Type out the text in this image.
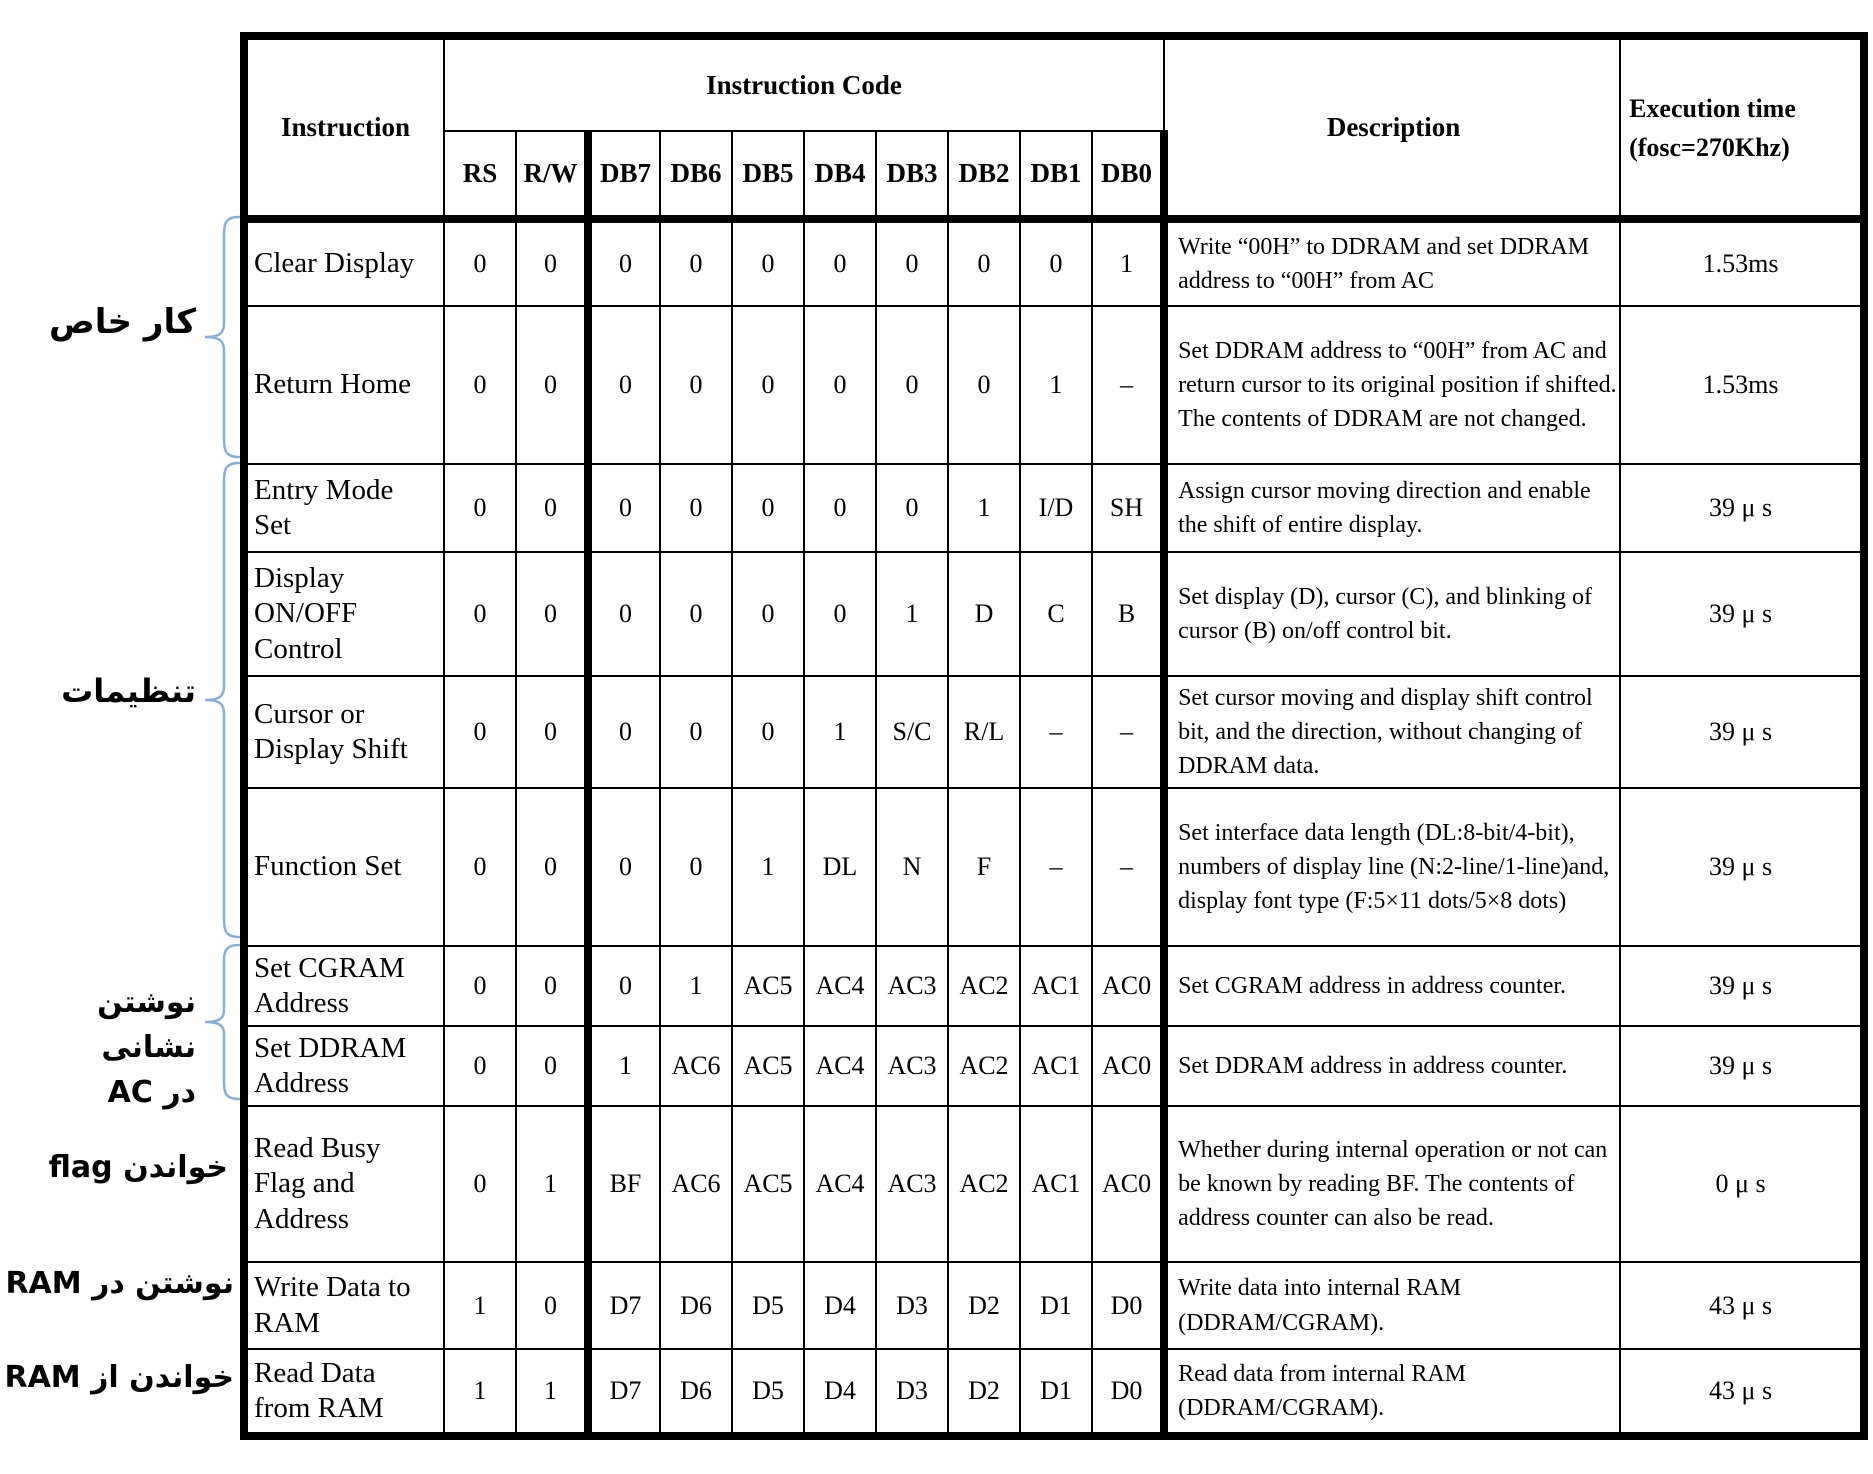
کار خاص
تنظیمات
نوشتن نشانی
در AC
خواندن flag
نوشتن در RAM
خواندن از RAM
Instruction	Instruction Code										Description	Execution time
(fosc=270Khz)

	RS	R/W	DB7	DB6	DB5	DB4	DB3	DB2	DB1	DB0		
Clear Display	0	0	0	0	0	0	0	0	0	1	Write “00H” to DDRAM and set DDRAM address to “00H” from AC	1.53ms
Return Home	0	0	0	0	0	0	0	0	1	–	Set DDRAM address to “00H” from AC and return cursor to its original position if shifted. The contents of DDRAM are not changed.	1.53ms
Entry Mode Set	0	0	0	0	0	0	0	1	I/D	SH	Assign cursor moving direction and enable the shift of entire display.	39 μ s
Display ON/OFF Control	0	0	0	0	0	0	1	D	C	B	Set display (D), cursor (C), and blinking of cursor (B) on/off control bit.	39 μ s
Cursor or Display Shift	0	0	0	0	0	1	S/C	R/L	–	–	Set cursor moving and display shift control bit, and the direction, without changing of DDRAM data.	39 μ s
Function Set	0	0	0	0	1	DL	N	F	–	–	Set interface data length (DL:8-bit/4-bit), numbers of display line (N:2-line/1-line)and, display font type (F:5×11 dots/5×8 dots)	39 μ s
Set CGRAM Address	0	0	0	1	AC5	AC4	AC3	AC2	AC1	AC0	Set CGRAM address in address counter.	39 μ s
Set DDRAM Address	0	0	1	AC6	AC5	AC4	AC3	AC2	AC1	AC0	Set DDRAM address in address counter.	39 μ s
Read Busy Flag and Address	0	1	BF	AC6	AC5	AC4	AC3	AC2	AC1	AC0	Whether during internal operation or not can be known by reading BF. The contents of address counter can also be read.	0 μ s
Write Data to RAM	1	0	D7	D6	D5	D4	D3	D2	D1	D0	Write data into internal RAM (DDRAM/CGRAM).	43 μ s
Read Data from RAM	1	1	D7	D6	D5	D4	D3	D2	D1	D0	Read data from internal RAM (DDRAM/CGRAM).	43 μ s
